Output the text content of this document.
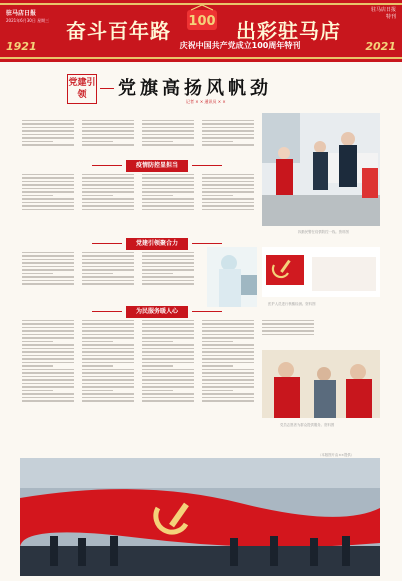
驻马店日报
2021年6月30日 星期三
1921	2021
奋斗百年路 100 出彩驻马店
庆祝中国共产党成立100周年特刊
驻马店日报
特刊
党建引领	党旗高扬风帆劲
记者 × × 通讯员 × ×
执勤民警在疫情防控一线。资料图
疫情防控显担当
党建引领聚合力
医护人员进行核酸检测。资料图
为民服务暖人心
党员志愿者为群众提供服务。资料图
（本版图片由××提供）
